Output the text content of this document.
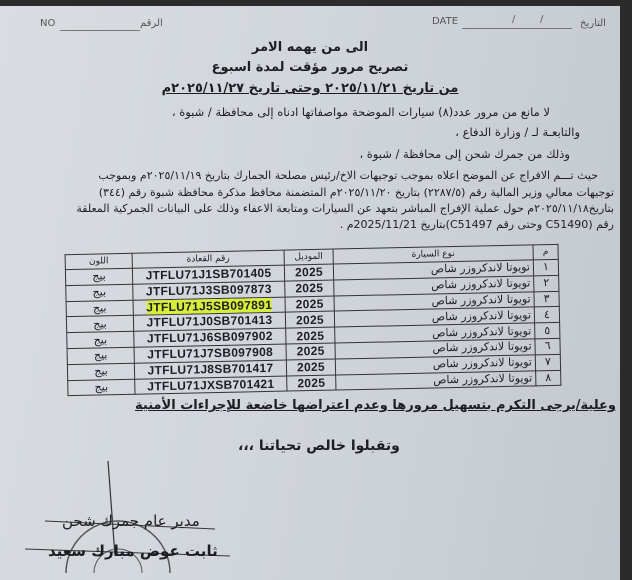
NO	الرقم	DATE	/ /	التاريخ
الى من يهمه الامر
تصريح مرور مؤقت لمدة اسبوع
من تاريخ ٢٠٢٥/١١/٢١ وحتى تاريخ ٢٠٢٥/١١/٢٧م
لا مانع من مرور عدد(٨) سيارات الموضحة مواصفاتها ادناه إلى محافظة / شبوة ،
والتابعـة لـ / وزارة الدفاع ،
وذلك من جمرك شحن إلى محافظة / شبوة ،
حيث تـــم الافراج عن الموضح اعلاه بموجب توجيهات الاخ/رئيس مصلحة الجمارك بتاريخ ٢٠٢٥/١١/١٩م وبموجب
توجيهات معالي وزير المالية رقم (٢٢٨٧/٥) بتاريخ ٢٠٢٥/١١/٢٠م المتضمنة محافظ مذكرة محافظة شبوة رقم (٣٤٤)
بتاريخ٢٠٢٥/١١/١٨م حول عملية الإفراج المباشر بتعهد عن السيارات ومتابعة الاعفاء وذلك على البيانات الجمركية المعلقة
رقم (C51490 وحتى رقم C51497)بتاريخ 2025/11/21م .
اللون	رقم القعادة	الموديل	نوع السيارة	م
بيج	JTFLU71J1SB701405	2025	تويوتا لاندكروزر شاص	١
بيج	JTFLU71J3SB097873	2025	تويوتا لاندكروزر شاص	٢
بيج	JTFLU71J5SB097891	2025	تويوتا لاندكروزر شاص	٣
بيج	JTFLU71J0SB701413	2025	تويوتا لاندكروزر شاص	٤
بيج	JTFLU71J6SB097902	2025	تويوتا لاندكروزر شاص	٥
بيج	JTFLU71J7SB097908	2025	تويوتا لاندكروزر شاص	٦
بيج	JTFLU71J8SB701417	2025	تويوتا لاندكروزر شاص	٧
بيج	JTFLU71JXSB701421	2025	تويوتا لاندكروزر شاص	٨
وعلية/يرجى التكرم بتسهيل مرورها وعدم اعتراضها خاضعة للإجراءات الأمنية
وتقبلوا خالص تحياتنا ،،،
مدير عام جمرك شحن
ثابت عوض مبارك سعيد
